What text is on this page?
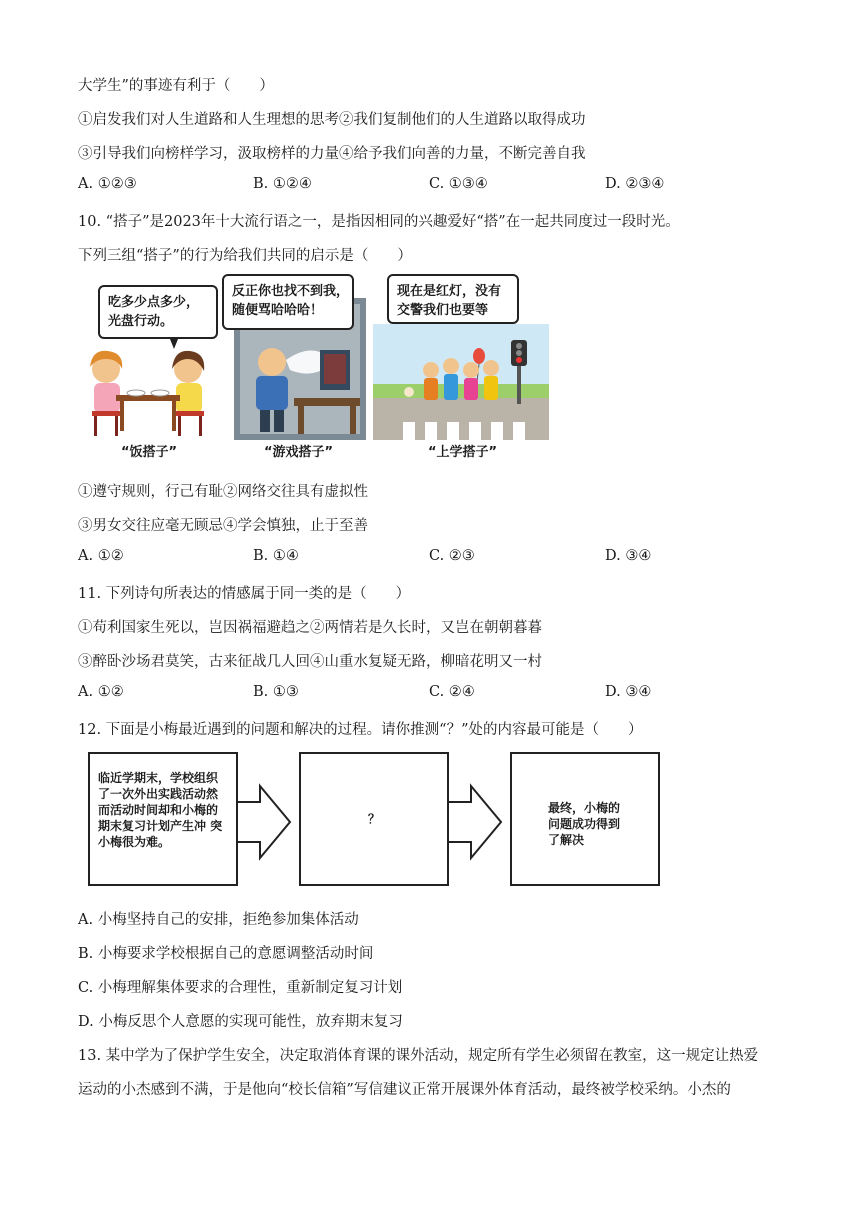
大学生”的事迹有利于（　　）
①启发我们对人生道路和人生理想的思考②我们复制他们的人生道路以取得成功
③引导我们向榜样学习，汲取榜样的力量④给予我们向善的力量，不断完善自我
A. ①②③	B. ①②④	C. ①③④	D. ②③④
10. “搭子”是2023年十大流行语之一，是指因相同的兴趣爱好“搭”在一起共同度过一段时光。
下列三组“搭子”的行为给我们共同的启示是（　　）
吃多少点多少，
光盘行动。
“饭搭子”
反正你也找不到我，
随便骂哈哈哈！
“游戏搭子”
现在是红灯，没有
交警我们也要等
“上学搭子”
①遵守规则，行己有耻②网络交往具有虚拟性
③男女交往应毫无顾忌④学会慎独，止于至善
A. ①②	B. ①④	C. ②③	D. ③④
11. 下列诗句所表达的情感属于同一类的是（　　）
①苟利国家生死以，岂因祸福避趋之②两情若是久长时，又岂在朝朝暮暮
③醉卧沙场君莫笑，古来征战几人回④山重水复疑无路，柳暗花明又一村
A. ①②	B. ①③	C. ②④	D. ③④
12. 下面是小梅最近遇到的问题和解决的过程。请你推测“？”处的内容最可能是（　　）
临近学期末，学校组织
了一次外出实践活动然
而活动时间却和小梅的
期末复习计划产生冲 突
小梅很为难。
？
最终，小梅的
问题成功得到
了解决
A. 小梅坚持自己的安排，拒绝参加集体活动
B. 小梅要求学校根据自己的意愿调整活动时间
C. 小梅理解集体要求的合理性，重新制定复习计划
D. 小梅反思个人意愿的实现可能性，放弃期末复习
13. 某中学为了保护学生安全，决定取消体育课的课外活动，规定所有学生必须留在教室，这一规定让热爱
运动的小杰感到不满，于是他向“校长信箱”写信建议正常开展课外体育活动，最终被学校采纳。小杰的
